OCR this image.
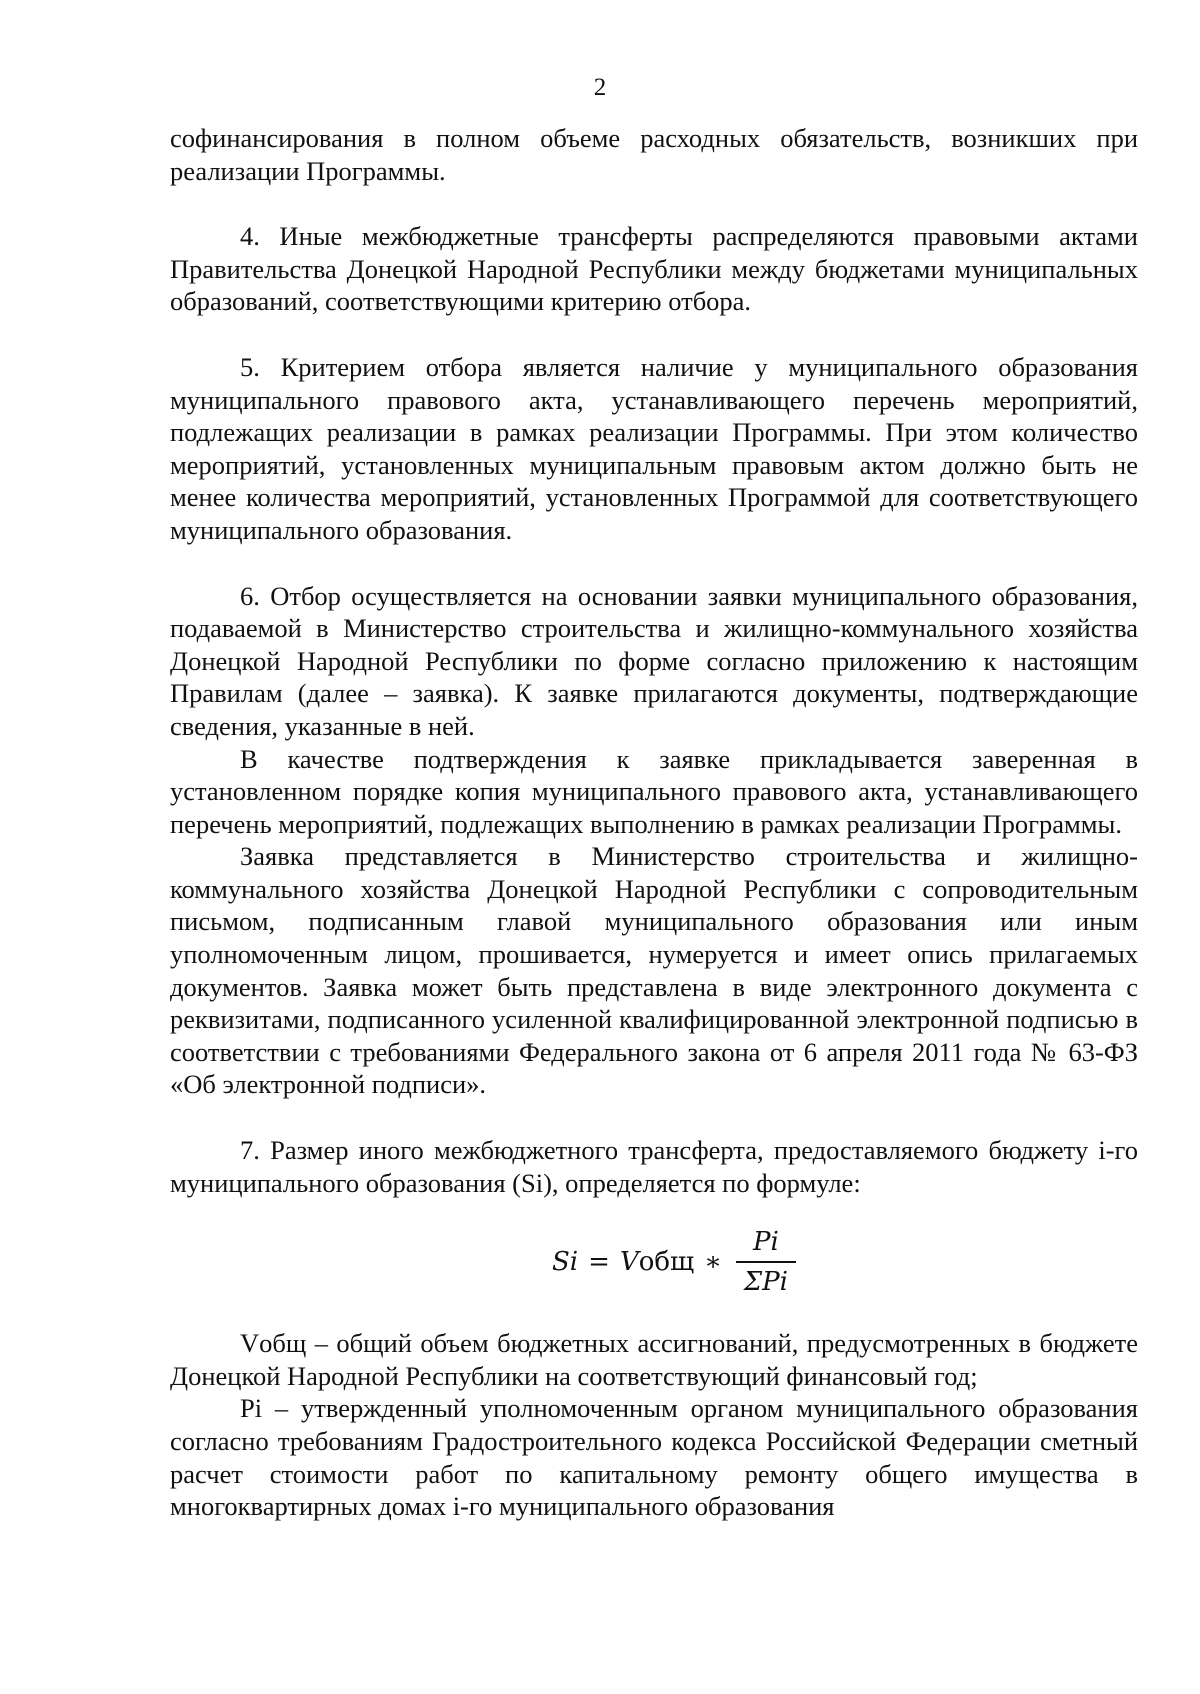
2

софинансирования в полном объеме расходных обязательств, возникших при реализации Программы.

4. Иные межбюджетные трансферты распределяются правовыми актами Правительства Донецкой Народной Республики между бюджетами муниципальных образований, соответствующими критерию отбора.

5. Критерием отбора является наличие у муниципального образования муниципального правового акта, устанавливающего перечень мероприятий, подлежащих реализации в рамках реализации Программы. При этом количество мероприятий, установленных муниципальным правовым актом должно быть не менее количества мероприятий, установленных Программой для соответствующего муниципального образования.

6. Отбор осуществляется на основании заявки муниципального образования, подаваемой в Министерство строительства и жилищно-коммунального хозяйства Донецкой Народной Республики по форме согласно приложению к настоящим Правилам (далее – заявка). К заявке прилагаются документы, подтверждающие сведения, указанные в ней.

В качестве подтверждения к заявке прикладывается заверенная в установленном порядке копия муниципального правового акта, устанавливающего перечень мероприятий, подлежащих выполнению в рамках реализации Программы.

Заявка представляется в Министерство строительства и жилищно-коммунального хозяйства Донецкой Народной Республики с сопроводительным письмом, подписанным главой муниципального образования или иным уполномоченным лицом, прошивается, нумеруется и имеет опись прилагаемых документов. Заявка может быть представлена в виде электронного документа с реквизитами, подписанного усиленной квалифицированной электронной подписью в соответствии с требованиями Федерального закона от 6 апреля 2011 года № 63-ФЗ «Об электронной подписи».

7. Размер иного межбюджетного трансферта, предоставляемого бюджету i-го муниципального образования (Si), определяется по формуле:

Si = V общ ∗ $\frac{Pi}{\text{ΣPi}}$

Vобщ – общий объем бюджетных ассигнований, предусмотренных в бюджете Донецкой Народной Республики на соответствующий финансовый год;

Pi – утвержденный уполномоченным органом муниципального образования согласно требованиям Градостроительного кодекса Российской Федерации сметный расчет стоимости работ по капитальному ремонту общего имущества в многоквартирных домах i-го муниципального образования
